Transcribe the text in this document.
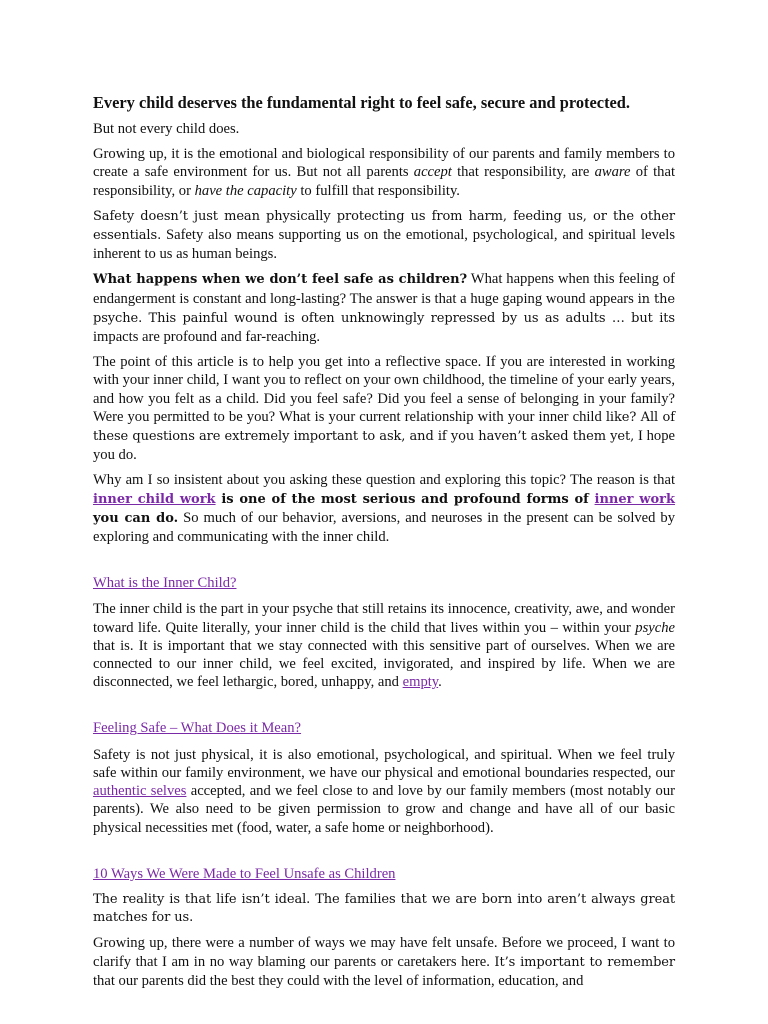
Every child deserves the fundamental right to feel safe, secure and protected.

But not every child does.

Growing up, it is the emotional and biological responsibility of our parents and family members to create a safe environment for us. But not all parents accept that responsibility, are aware of that responsibility, or have the capacity to fulfill that responsibility.

Safety doesn’t just mean physically protecting us from harm, feeding us, or the other essentials. Safety also means supporting us on the emotional, psychological, and spiritual levels inherent to us as human beings.

What happens when we don’t feel safe as children? What happens when this feeling of endangerment is constant and long-lasting? The answer is that a huge gaping wound appears in the psyche. This painful wound is often unknowingly repressed by us as adults … but its impacts are profound and far-reaching.

The point of this article is to help you get into a reflective space. If you are interested in working with your inner child, I want you to reflect on your own childhood, the timeline of your early years, and how you felt as a child. Did you feel safe? Did you feel a sense of belonging in your family? Were you permitted to be you? What is your current relationship with your inner child like? All of these questions are extremely important to ask, and if you haven’t asked them yet, I hope you do.

Why am I so insistent about you asking these question and exploring this topic? The reason is that inner child work is one of the most serious and profound forms of inner work you can do. So much of our behavior, aversions, and neuroses in the present can be solved by exploring and communicating with the inner child.

What is the Inner Child?

The inner child is the part in your psyche that still retains its innocence, creativity, awe, and wonder toward life. Quite literally, your inner child is the child that lives within you – within your psyche that is. It is important that we stay connected with this sensitive part of ourselves. When we are connected to our inner child, we feel excited, invigorated, and inspired by life. When we are disconnected, we feel lethargic, bored, unhappy, and empty.

Feeling Safe – What Does it Mean?

Safety is not just physical, it is also emotional, psychological, and spiritual. When we feel truly safe within our family environment, we have our physical and emotional boundaries respected, our authentic selves accepted, and we feel close to and love by our family members (most notably our parents). We also need to be given permission to grow and change and have all of our basic physical necessities met (food, water, a safe home or neighborhood).

10 Ways We Were Made to Feel Unsafe as Children

The reality is that life isn’t ideal. The families that we are born into aren’t always great matches for us.

Growing up, there were a number of ways we may have felt unsafe. Before we proceed, I want to clarify that I am in no way blaming our parents or caretakers here. It’s important to remember that our parents did the best they could with the level of information, education, and
